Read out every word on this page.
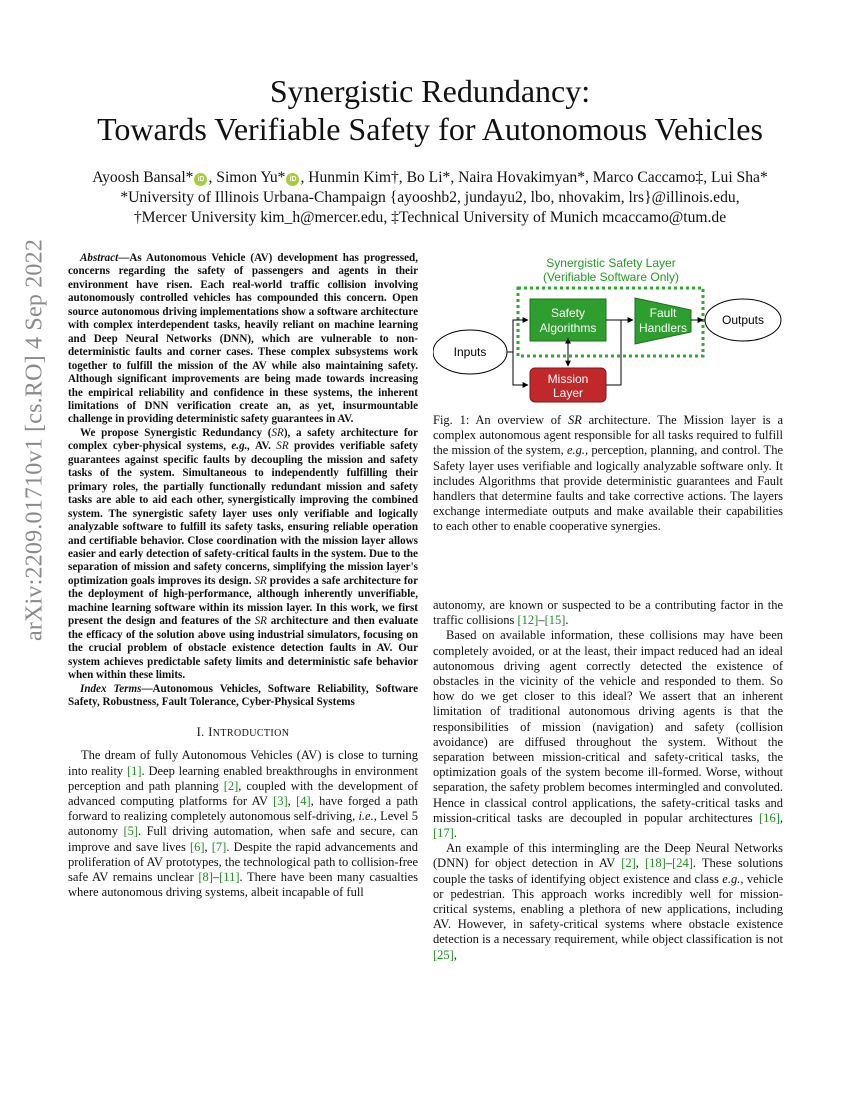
arXiv:2209.01710v1 [cs.RO] 4 Sep 2022
Synergistic Redundancy:
Towards Verifiable Safety for Autonomous Vehicles
Ayoosh Bansal* iD , Simon Yu* iD , Hunmin Kim†, Bo Li*, Naira Hovakimyan*, Marco Caccamo‡, Lui Sha*
*University of Illinois Urbana-Champaign {ayooshb2, jundayu2, lbo, nhovakim, lrs}@illinois.edu,
†Mercer University kim_h@mercer.edu, ‡Technical University of Munich mcaccamo@tum.de

Abstract—As Autonomous Vehicle (AV) development has progressed, concerns regarding the safety of passengers and agents in their environment have risen. Each real-world traffic collision involving autonomously controlled vehicles has compounded this concern. Open source autonomous driving implementations show a software architecture with complex interdependent tasks, heavily reliant on machine learning and Deep Neural Networks (DNN), which are vulnerable to non-deterministic faults and corner cases. These complex subsystems work together to fulfill the mission of the AV while also maintaining safety. Although significant improvements are being made towards increasing the empirical reliability and confidence in these systems, the inherent limitations of DNN verification create an, as yet, insurmountable challenge in providing deterministic safety guarantees in AV.

We propose Synergistic Redundancy (SR), a safety architecture for complex cyber-physical systems, e.g., AV. SR provides verifiable safety guarantees against specific faults by decoupling the mission and safety tasks of the system. Simultaneous to independently fulfilling their primary roles, the partially functionally redundant mission and safety tasks are able to aid each other, synergistically improving the combined system. The synergistic safety layer uses only verifiable and logically analyzable software to fulfill its safety tasks, ensuring reliable operation and certifiable behavior. Close coordination with the mission layer allows easier and early detection of safety-critical faults in the system. Due to the separation of mission and safety concerns, simplifying the mission layer's optimization goals improves its design. SR provides a safe architecture for the deployment of high-performance, although inherently unverifiable, machine learning software within its mission layer. In this work, we first present the design and features of the SR architecture and then evaluate the efficacy of the solution above using industrial simulators, focusing on the crucial problem of obstacle existence detection faults in AV. Our system achieves predictable safety limits and deterministic safe behavior when within these limits.

Index Terms—Autonomous Vehicles, Software Reliability, Software Safety, Robustness, Fault Tolerance, Cyber-Physical Systems

I. INTRODUCTION

The dream of fully Autonomous Vehicles (AV) is close to turning into reality [1]. Deep learning enabled breakthroughs in environment perception and path planning [2], coupled with the development of advanced computing platforms for AV [3], [4], have forged a path forward to realizing completely autonomous self-driving, i.e., Level 5 autonomy [5]. Full driving automation, when safe and secure, can improve and save lives [6], [7]. Despite the rapid advancements and proliferation of AV prototypes, the technological path to collision-free safe AV remains unclear [8]–[11]. There have been many casualties where autonomous driving systems, albeit incapable of full

Synergistic Safety Layer
(Verifiable Software Only)
Safety
Algorithms
Fault
Handlers
Outputs
Inputs
Mission
Layer
Fig. 1: An overview of SR architecture. The Mission layer is a complex autonomous agent responsible for all tasks required to fulfill the mission of the system, e.g., perception, planning, and control. The Safety layer uses verifiable and logically analyzable software only. It includes Algorithms that provide deterministic guarantees and Fault handlers that determine faults and take corrective actions. The layers exchange intermediate outputs and make available their capabilities to each other to enable cooperative synergies.

autonomy, are known or suspected to be a contributing factor in the traffic collisions [12]–[15].

Based on available information, these collisions may have been completely avoided, or at the least, their impact reduced had an ideal autonomous driving agent correctly detected the existence of obstacles in the vicinity of the vehicle and responded to them. So how do we get closer to this ideal? We assert that an inherent limitation of traditional autonomous driving agents is that the responsibilities of mission (navigation) and safety (collision avoidance) are diffused throughout the system. Without the separation between mission-critical and safety-critical tasks, the optimization goals of the system become ill-formed. Worse, without separation, the safety problem becomes intermingled and convoluted. Hence in classical control applications, the safety-critical tasks and mission-critical tasks are decoupled in popular architectures [16], [17].

An example of this intermingling are the Deep Neural Networks (DNN) for object detection in AV [2], [18]–[24]. These solutions couple the tasks of identifying object existence and class e.g., vehicle or pedestrian. This approach works incredibly well for mission-critical systems, enabling a plethora of new applications, including AV. However, in safety-critical systems where obstacle existence detection is a necessary requirement, while object classification is not [25],
